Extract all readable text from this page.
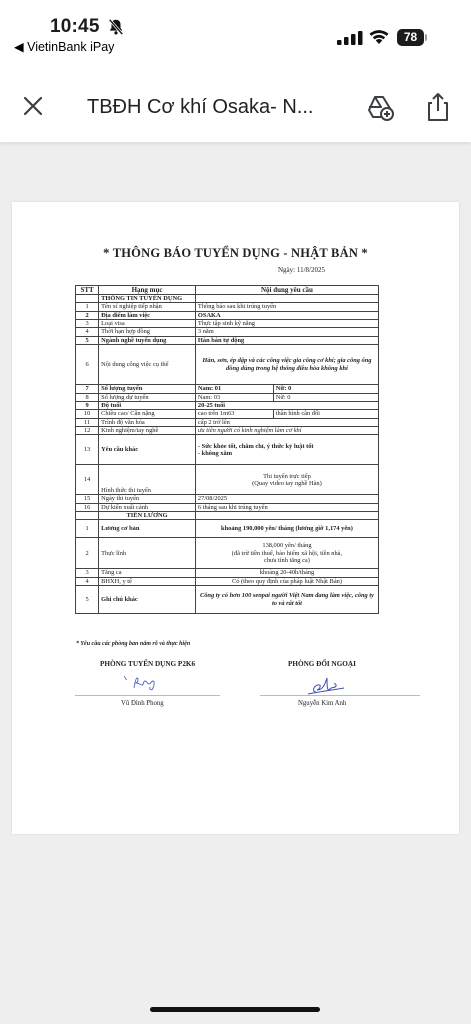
10:45
◀ VietinBank iPay
78
TBĐH Cơ khí Osaka- N...
* THÔNG BÁO TUYỂN DỤNG - NHẬT BẢN *
Ngày: 11/8/2025
STT	Hạng mục	Nội dung yêu cầu	
	THÔNG TIN TUYỂN DỤNG		
1	Tên xí nghiệp tiếp nhận	Thông báo sau khi trúng tuyển	
2	Địa điểm làm việc	OSAKA	
3	Loại visa	Thực tập sinh kỹ năng	
4	Thời hạn hợp đồng	3 năm	
5	Ngành nghề tuyển dụng	Hàn bán tự động	
6	Nội dung công việc cụ thể	Hàn, sơn, ép dập và các công việc gia công cơ khí; gia công ống đồng dùng trong hệ thống điều hòa không khí	
7	Số lượng tuyển	Nam: 01	Nữ: 0
8	Số lượng dự tuyển	Nam: 03	Nữ: 0
9	Độ tuổi	20-25 tuổi	
10	Chiều cao/ Cân nặng	cao trên 1m63	thân hình cân đối
11	Trình độ văn hóa	cấp 2 trở lên	
12	Kinh nghiệm/tay nghề	ưu tiên người có kinh nghiệm làm cơ khí	
13	Yêu cầu khác	- Sức khỏe tốt, chăm chỉ, ý thức kỷ luật tốt
- không xăm	

14	Hình thức thi tuyển	Thi tuyển trực tiếp
(Quay video tay nghề Hàn)	

15	Ngày thi tuyển	27/08/2025	
16	Dự kiến xuất cảnh	6 tháng sau khi trúng tuyển	
	TIỀN LƯƠNG		
1	Lương cơ bản	khoảng 190,000 yên/ tháng (lương giờ 1,174 yên)	
2	Thực lĩnh	138,000 yên/ tháng
(đã trừ tiền thuế, bảo hiểm xã hội, tiền nhà,
chưa tính tăng ca)	

3	Tăng ca	khoảng 20-40h/tháng	
4	BHXH, y tế	Có (theo quy định của pháp luật Nhật Bản)	
5	Ghi chú khác	Công ty có hơn 100 senpai người Việt Nam đang làm việc, công ty to và rất tốt	
* Yêu cầu các phòng ban nắm rõ và thực hiện
PHÒNG TUYỂN DỤNG P2K6	PHÒNG ĐỐI NGOẠI
Vũ Đình Phong	Nguyễn Kim Anh
